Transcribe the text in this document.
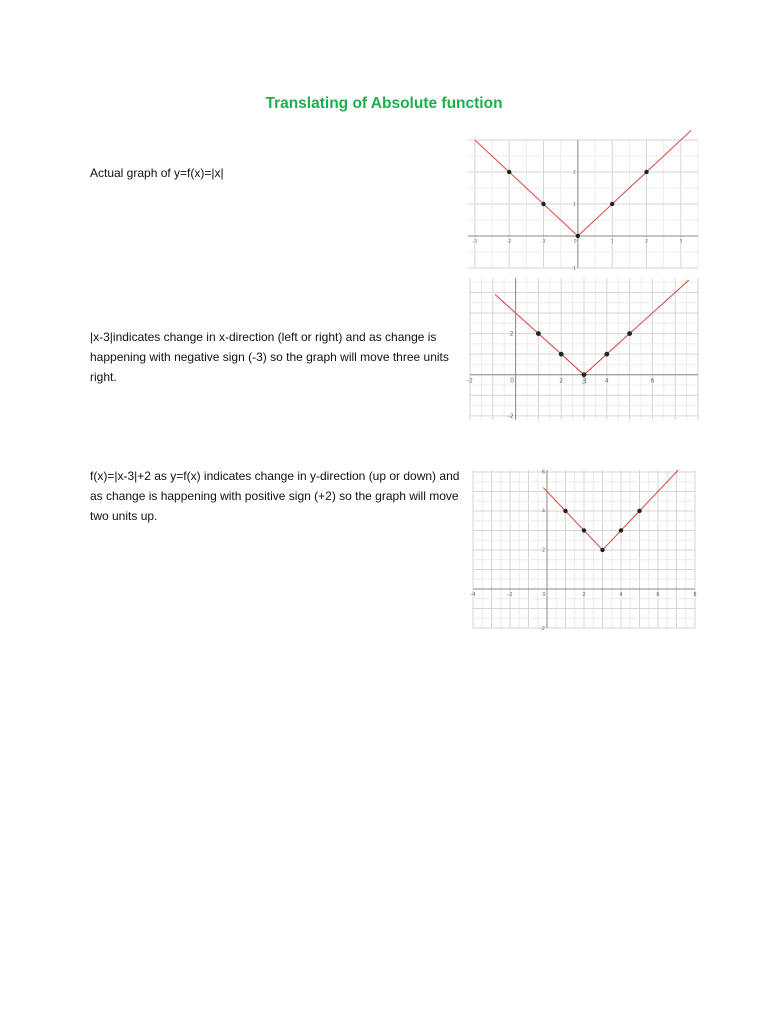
Translating of Absolute function

Actual graph of y=f(x)=|x|

|x-3|indicates change in x-direction (left or right) and as change is happening with negative sign (-3) so the graph will move three units right.

f(x)=|x-3|+2 as y=f(x) indicates change in y-direction (up or down) and as change is happening with positive sign (+2) so the graph will move two units up.

-3	-2	-1	0	1	2	3
-1
1
2
-2	0	2	4	6
-2
2
3
-4	-2	0	2	4	6	8
-2
2
4
6
